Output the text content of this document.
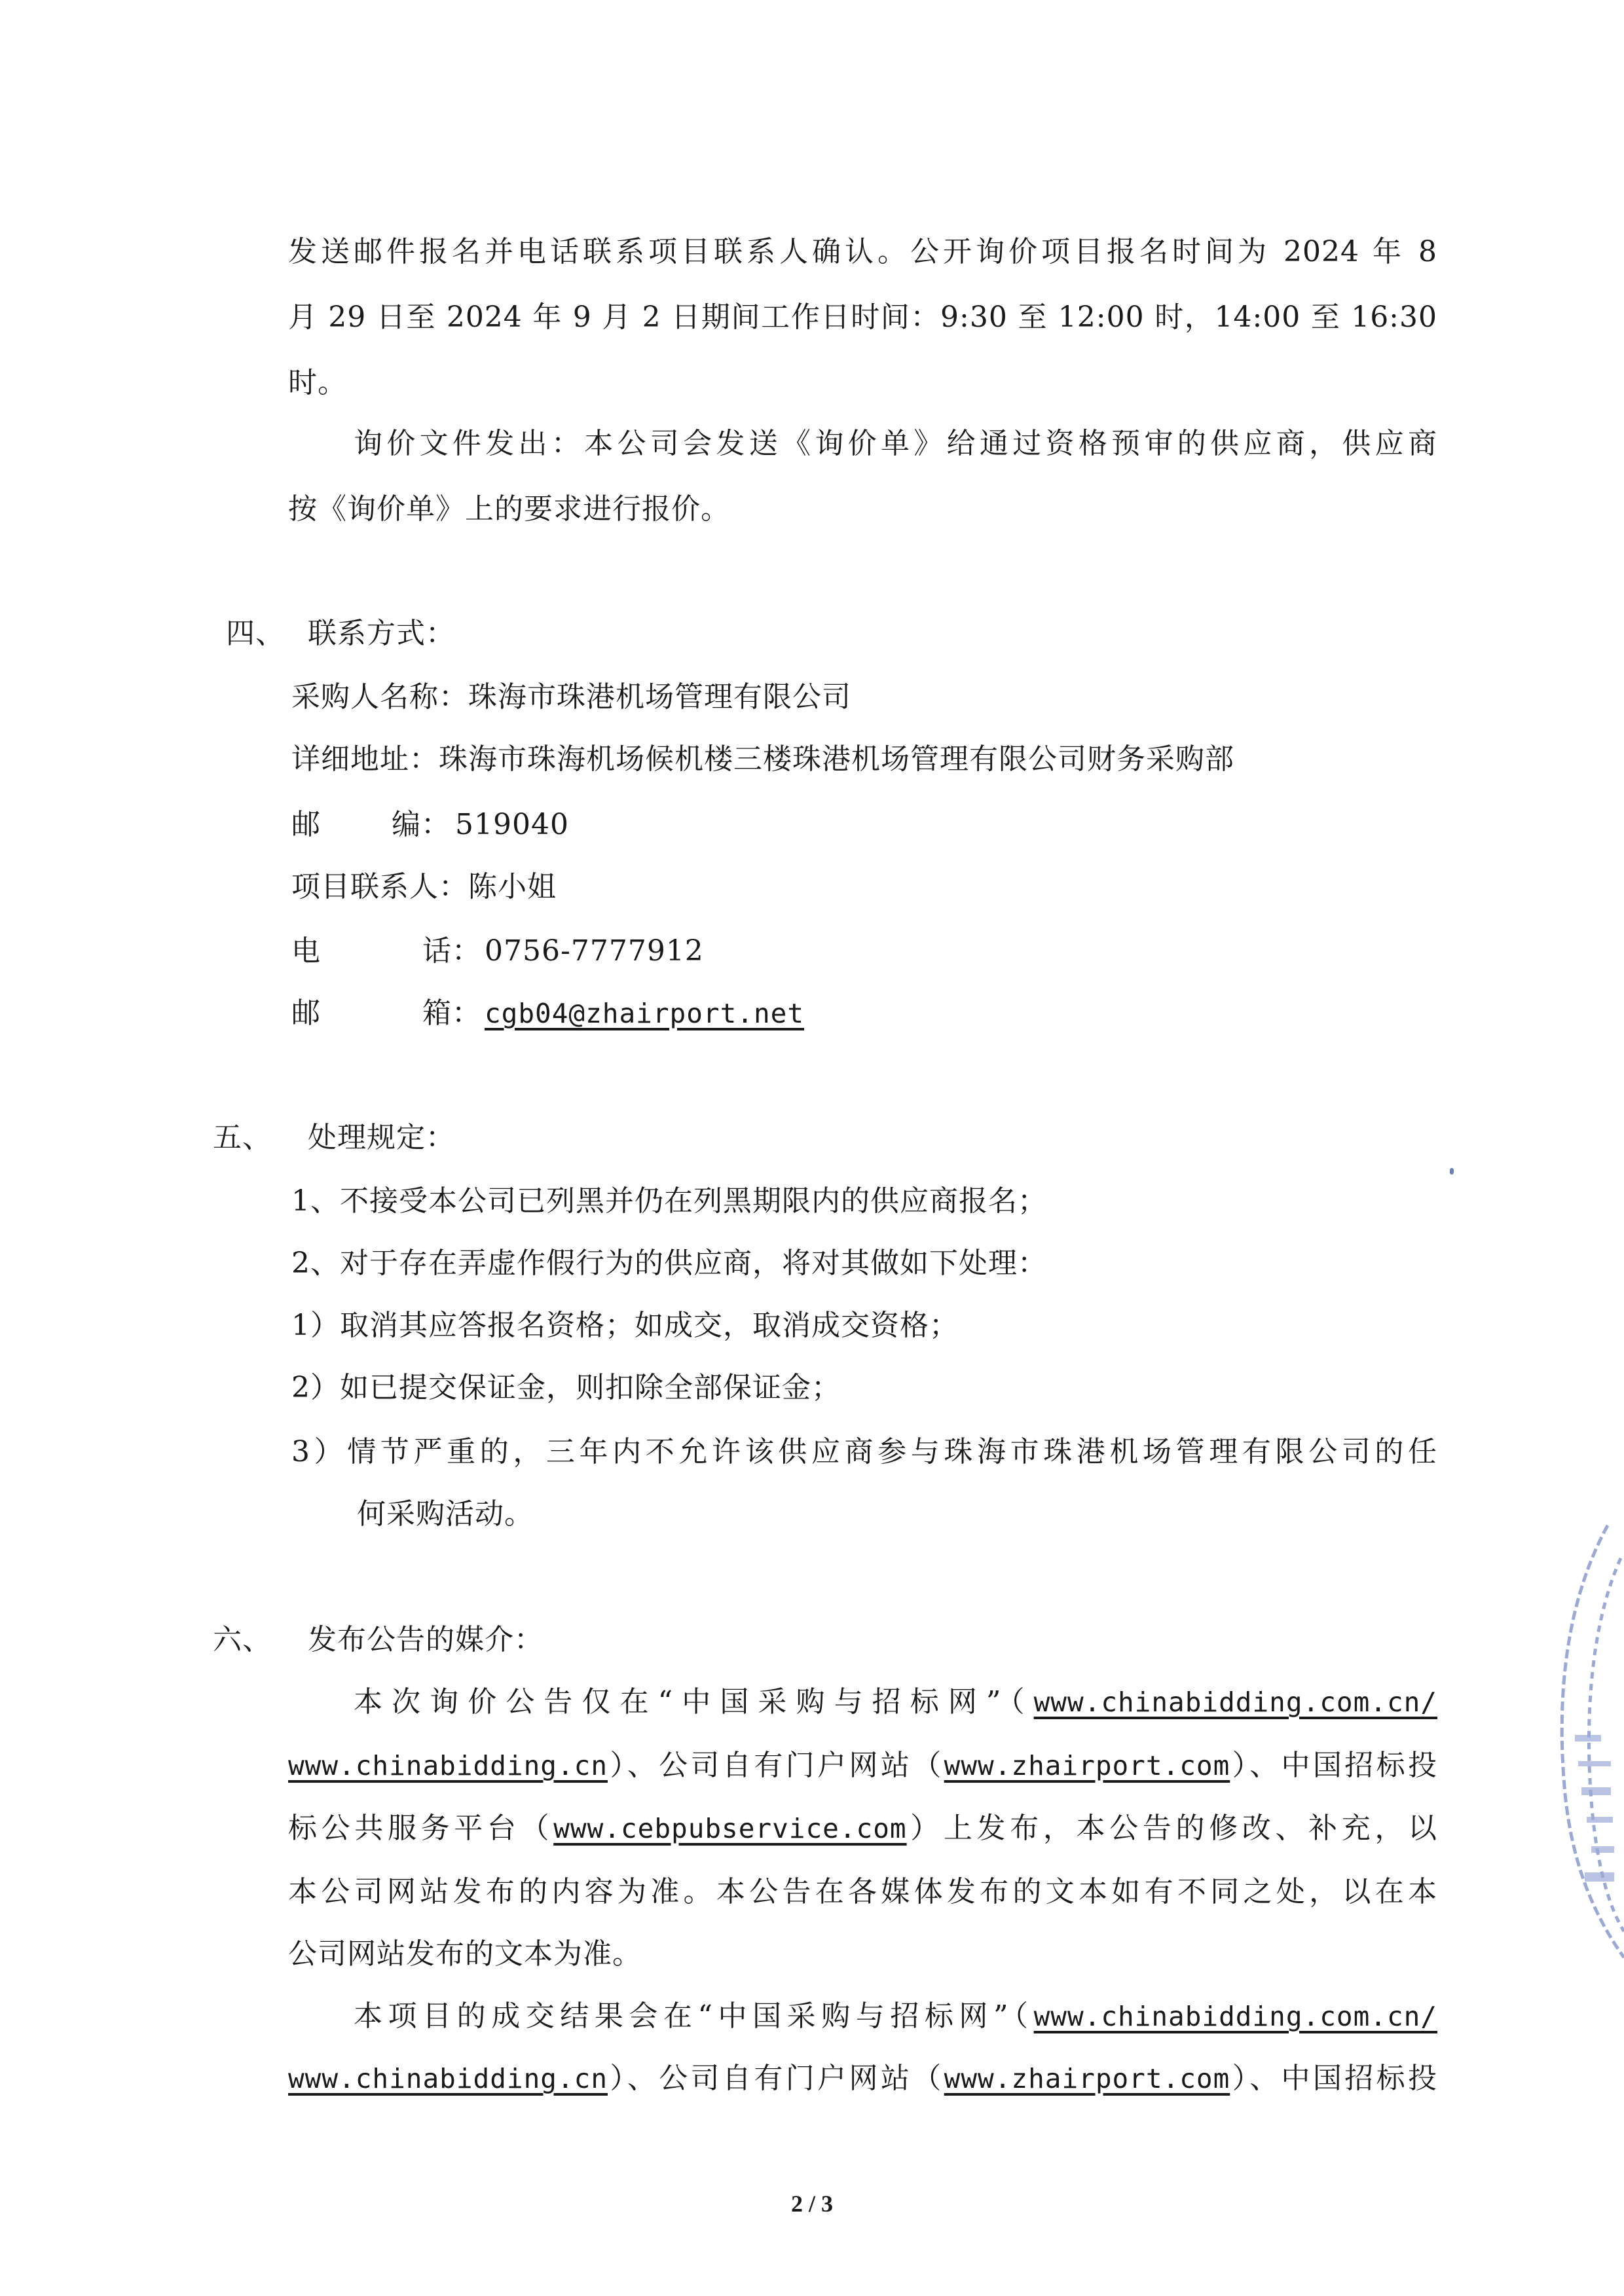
发送邮件报名并电话联系项目联系人确认。公开询价项目报名时间为 2024 年 8
月 29 日至 2024 年 9 月 2 日期间工作日时间：9:30 至 12:00 时，14:00 至 16:30
时。
询价文件发出：本公司会发送《询价单》给通过资格预审的供应商，供应商
按《询价单》上的要求进行报价。
四、 联系方式：
采购人名称：珠海市珠港机场管理有限公司
详细地址：珠海市珠海机场候机楼三楼珠港机场管理有限公司财务采购部
邮 编： 519040
项目联系人：陈小姐
电	话： 0756-7777912
邮	箱： cgb04@zhairport.net
五、 处理规定：
1、不接受本公司已列黑并仍在列黑期限内的供应商报名；
2、对于存在弄虚作假行为的供应商，将对其做如下处理：
1）取消其应答报名资格；如成交，取消成交资格；
2）如已提交保证金，则扣除全部保证金；
3）情节严重的，三年内不允许该供应商参与珠海市珠港机场管理有限公司的任
何采购活动。
六、 发布公告的媒介：
本次询价公告仅在“中国采购与招标网”（www.chinabidding.com.cn/
www.chinabidding.cn）、公司自有门户网站（www.zhairport.com）、中国招标投
标公共服务平台（www.cebpubservice.com）上发布，本公告的修改、补充，以
本公司网站发布的内容为准。本公告在各媒体发布的文本如有不同之处，以在本
公司网站发布的文本为准。
本项目的成交结果会在“中国采购与招标网”（www.chinabidding.com.cn/
www.chinabidding.cn）、公司自有门户网站（www.zhairport.com）、中国招标投
2 / 3
